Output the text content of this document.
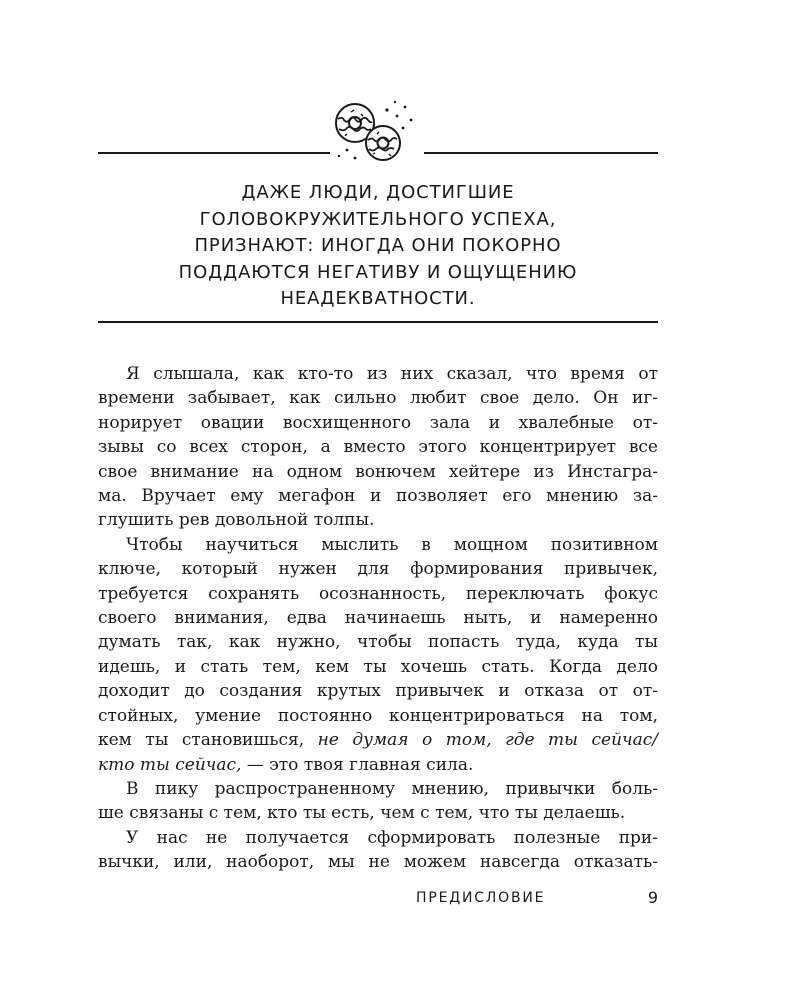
ДАЖЕ ЛЮДИ, ДОСТИГШИЕ
ГОЛОВОКРУЖИТЕЛЬНОГО УСПЕХА,
ПРИЗНАЮТ: ИНОГДА ОНИ ПОКОРНО
ПОДДАЮТСЯ НЕГАТИВУ И ОЩУЩЕНИЮ
НЕАДЕКВАТНОСТИ.
Я слышала, как кто-то из них сказал, что время от
времени забывает, как сильно любит свое дело. Он иг-
норирует овации восхищенного зала и хвалебные от-
зывы со всех сторон, а вместо этого концентрирует все
свое внимание на одном вонючем хейтере из Инстагра-
ма. Вручает ему мегафон и позволяет его мнению за-
глушить рев довольной толпы.
Чтобы научиться мыслить в мощном позитивном
ключе, который нужен для формирования привычек,
требуется сохранять осознанность, переключать фокус
своего внимания, едва начинаешь ныть, и намеренно
думать так, как нужно, чтобы попасть туда, куда ты
идешь, и стать тем, кем ты хочешь стать. Когда дело
доходит до создания крутых привычек и отказа от от-
стойных, умение постоянно концентрироваться на том,
кем ты становишься, не думая о том, где ты сейчас/
кто ты сейчас, — это твоя главная сила.
В пику распространенному мнению, привычки боль-
ше связаны с тем, кто ты есть, чем с тем, что ты делаешь.
У нас не получается сформировать полезные при-
вычки, или, наоборот, мы не можем навсегда отказать-
ПРЕДИСЛОВИЕ	9
